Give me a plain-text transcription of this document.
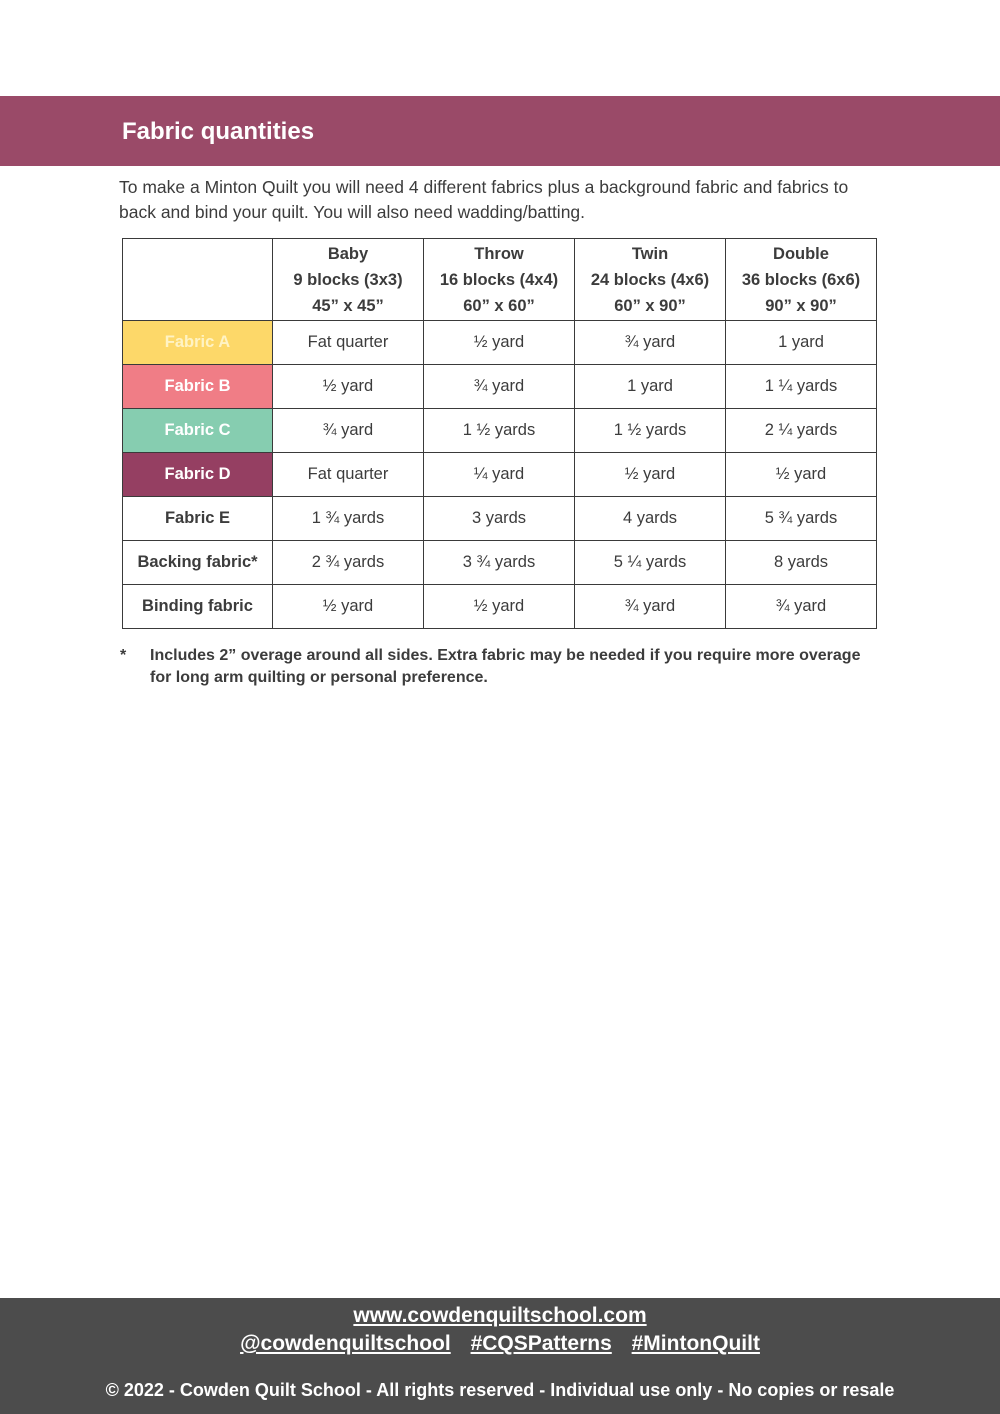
Fabric quantities

To make a Minton Quilt you will need 4 different fabrics plus a background fabric and fabrics to back and bind your quilt. You will also need wadding/batting.

	Baby
9 blocks (3x3)
45” x 45”	Throw
16 blocks (4x4)
60” x 60”	Twin
24 blocks (4x6)
60” x 90”	Double
36 blocks (6x6)
90” x 90”

Fabric A	Fat quarter	½ yard	¾ yard	1 yard
Fabric B	½ yard	¾ yard	1 yard	1 ¼ yards
Fabric C	¾ yard	1 ½ yards	1 ½ yards	2 ¼ yards
Fabric D	Fat quarter	¼ yard	½ yard	½ yard
Fabric E	1 ¾ yards	3 yards	4 yards	5 ¾ yards
Backing fabric*	2 ¾ yards	3 ¾ yards	5 ¼ yards	8 yards
Binding fabric	½ yard	½ yard	¾ yard	¾ yard
* Includes 2” overage around all sides. Extra fabric may be needed if you require more overage for long arm quilting or personal preference.
www.cowdenquiltschool.com
@cowdenquiltschool #CQSPatterns #MintonQuilt
© 2022 - Cowden Quilt School - All rights reserved - Individual use only - No copies or resale
